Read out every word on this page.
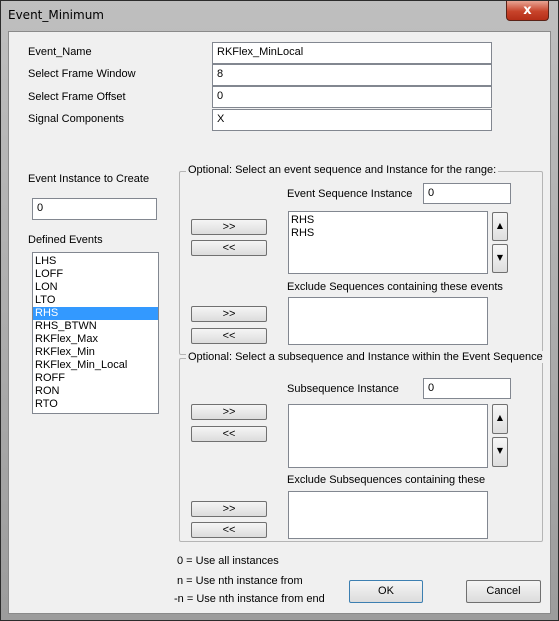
Event_Minimum	x
Event_Name	RKFlex_MinLocal
Select Frame Window	8
Select Frame Offset	0
Signal Components	X
Event Instance to Create
0
Defined Events
LHS
LOFF
LON
LTO
RHS
RHS_BTWN
RKFlex_Max
RKFlex_Min
RKFlex_Min_Local
ROFF
RON
RTO
Optional: Select an event sequence and Instance for the range:
Event Sequence Instance	0
>>
<<
RHS
RHS
▲
▼
Exclude Sequences containing these events
>>
<<
Optional: Select a subsequence and Instance within the Event Sequence
Subsequence Instance	0
>>
<<
▲
▼
Exclude Subsequences containing these
>>
<<
0 = Use all instances
n = Use nth instance from
-n = Use nth instance from end
OK	Cancel
